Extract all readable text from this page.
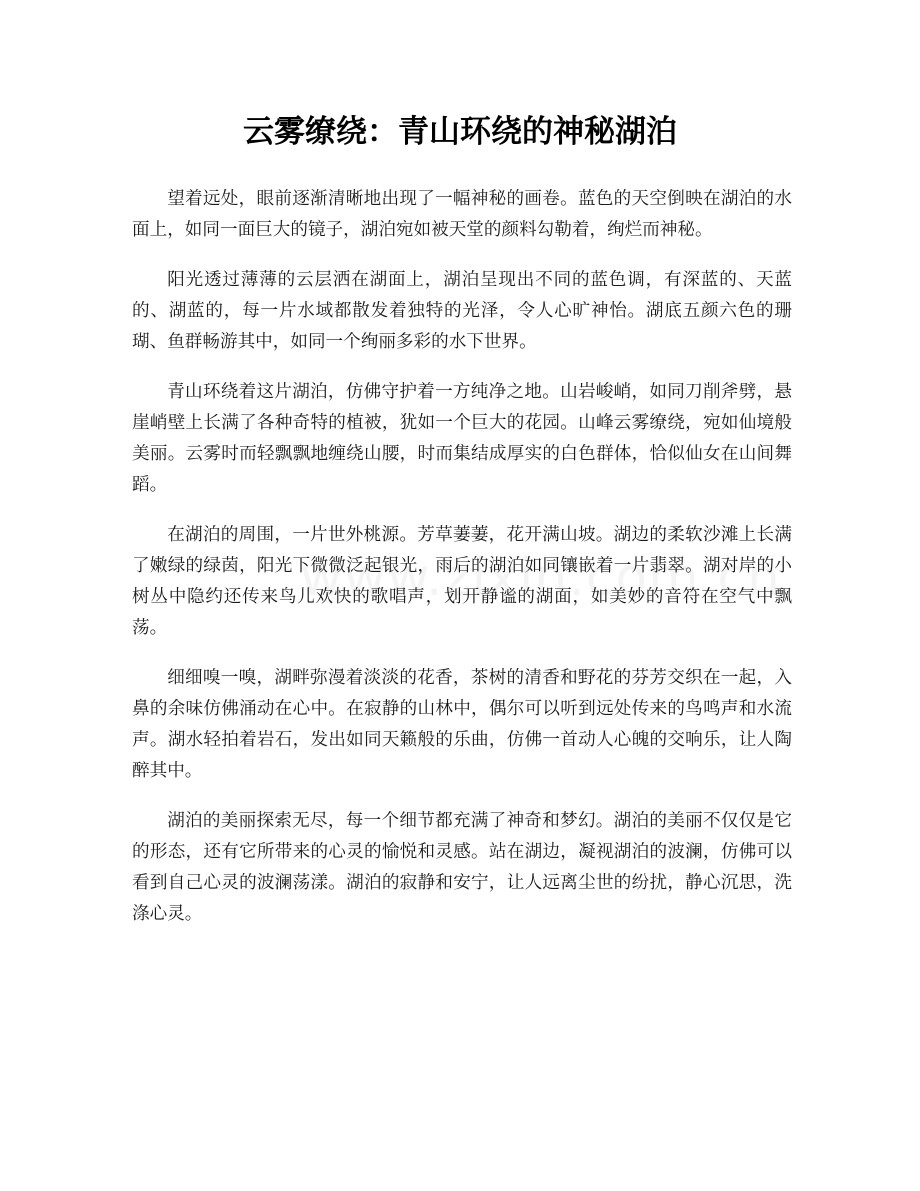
云雾缭绕：青山环绕的神秘湖泊

望着远处，眼前逐渐清晰地出现了一幅神秘的画卷。蓝色的天空倒映在湖泊的水面上，如同一面巨大的镜子，湖泊宛如被天堂的颜料勾勒着，绚烂而神秘。

阳光透过薄薄的云层洒在湖面上，湖泊呈现出不同的蓝色调，有深蓝的、天蓝的、湖蓝的，每一片水域都散发着独特的光泽，令人心旷神怡。湖底五颜六色的珊瑚、鱼群畅游其中，如同一个绚丽多彩的水下世界。

青山环绕着这片湖泊，仿佛守护着一方纯净之地。山岩峻峭，如同刀削斧劈，悬崖峭壁上长满了各种奇特的植被，犹如一个巨大的花园。山峰云雾缭绕，宛如仙境般美丽。云雾时而轻飘飘地缠绕山腰，时而集结成厚实的白色群体，恰似仙女在山间舞蹈。

在湖泊的周围，一片世外桃源。芳草萋萋，花开满山坡。湖边的柔软沙滩上长满了嫩绿的绿茵，阳光下微微泛起银光，雨后的湖泊如同镶嵌着一片翡翠。湖对岸的小树丛中隐约还传来鸟儿欢快的歌唱声，划开静谧的湖面，如美妙的音符在空气中飘荡。

细细嗅一嗅，湖畔弥漫着淡淡的花香，茶树的清香和野花的芬芳交织在一起，入鼻的余味仿佛涌动在心中。在寂静的山林中，偶尔可以听到远处传来的鸟鸣声和水流声。湖水轻拍着岩石，发出如同天籁般的乐曲，仿佛一首动人心魄的交响乐，让人陶醉其中。

湖泊的美丽探索无尽，每一个细节都充满了神奇和梦幻。湖泊的美丽不仅仅是它的形态，还有它所带来的心灵的愉悦和灵感。站在湖边，凝视湖泊的波澜，仿佛可以看到自己心灵的波澜荡漾。湖泊的寂静和安宁，让人远离尘世的纷扰，静心沉思，洗涤心灵。
